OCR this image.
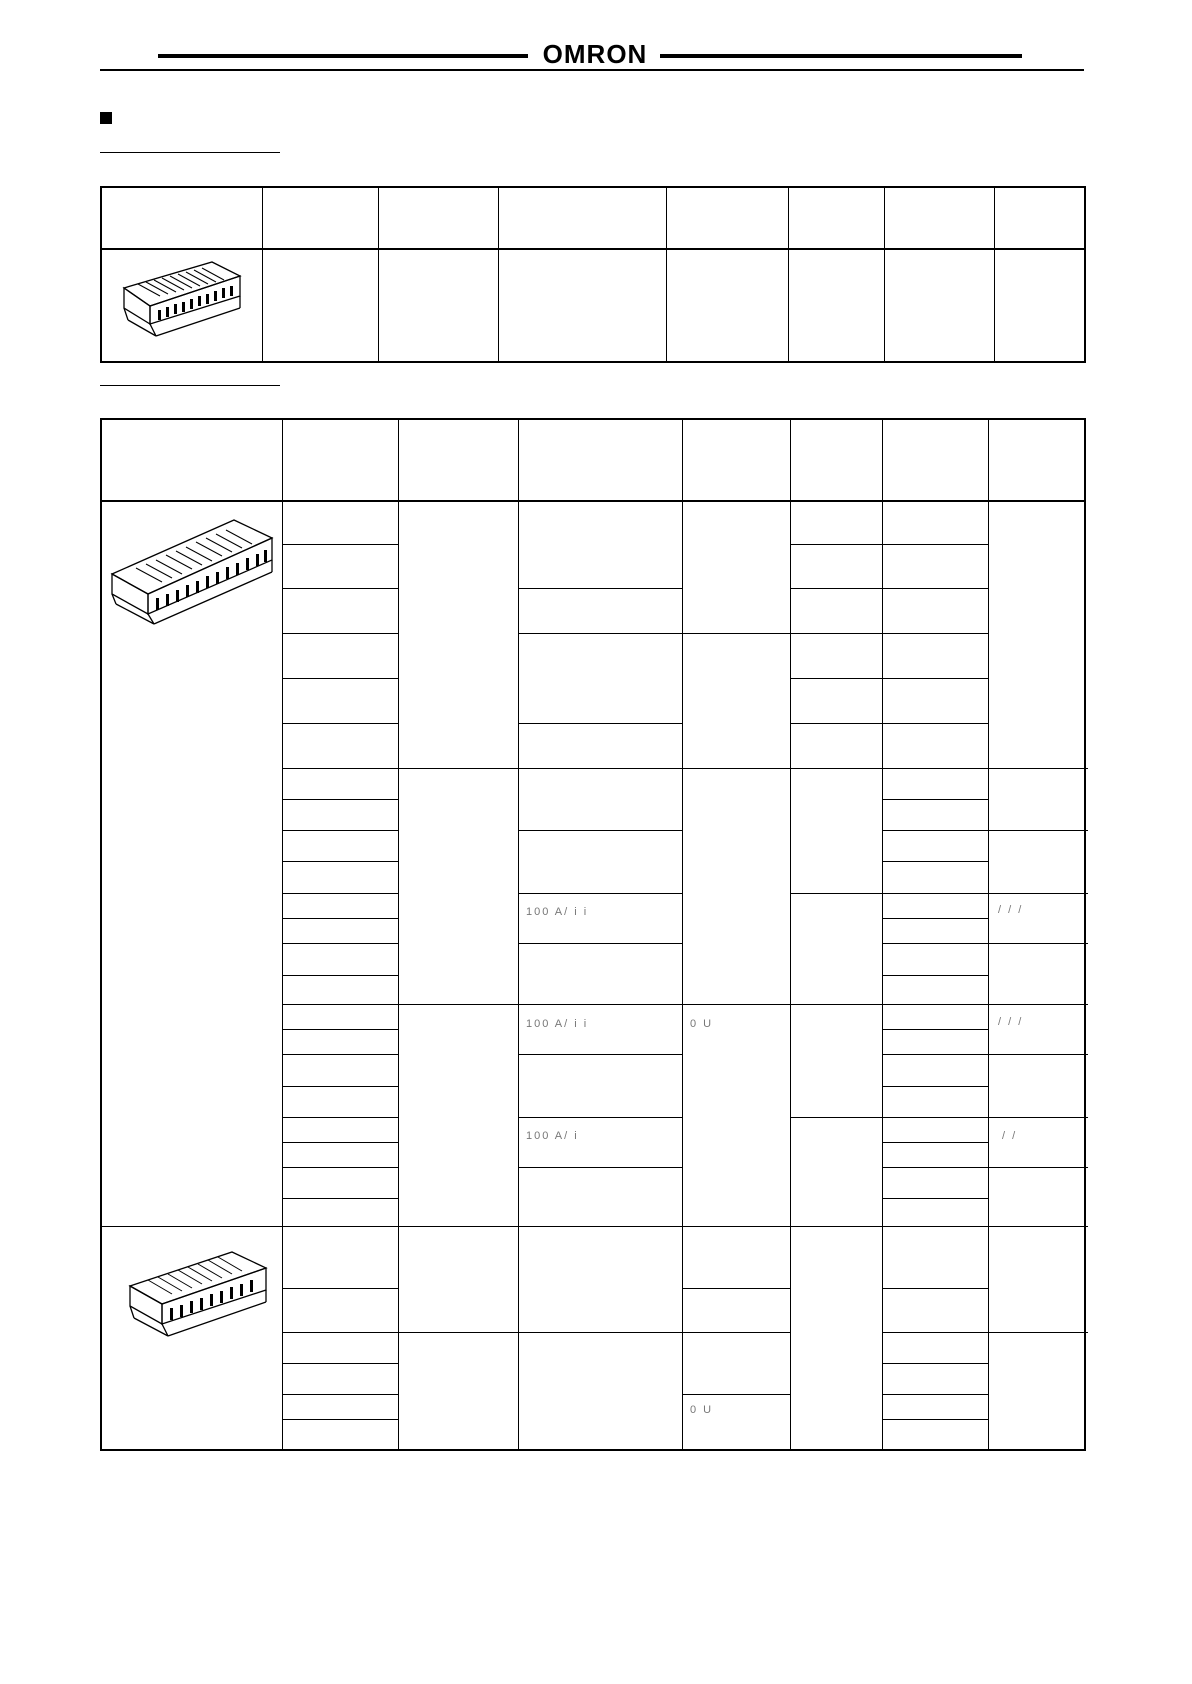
OMRON
100 A/ i i
100 A/ i i	0 U
100 A/ i
0 U
/ / /
/ / /
/ /
